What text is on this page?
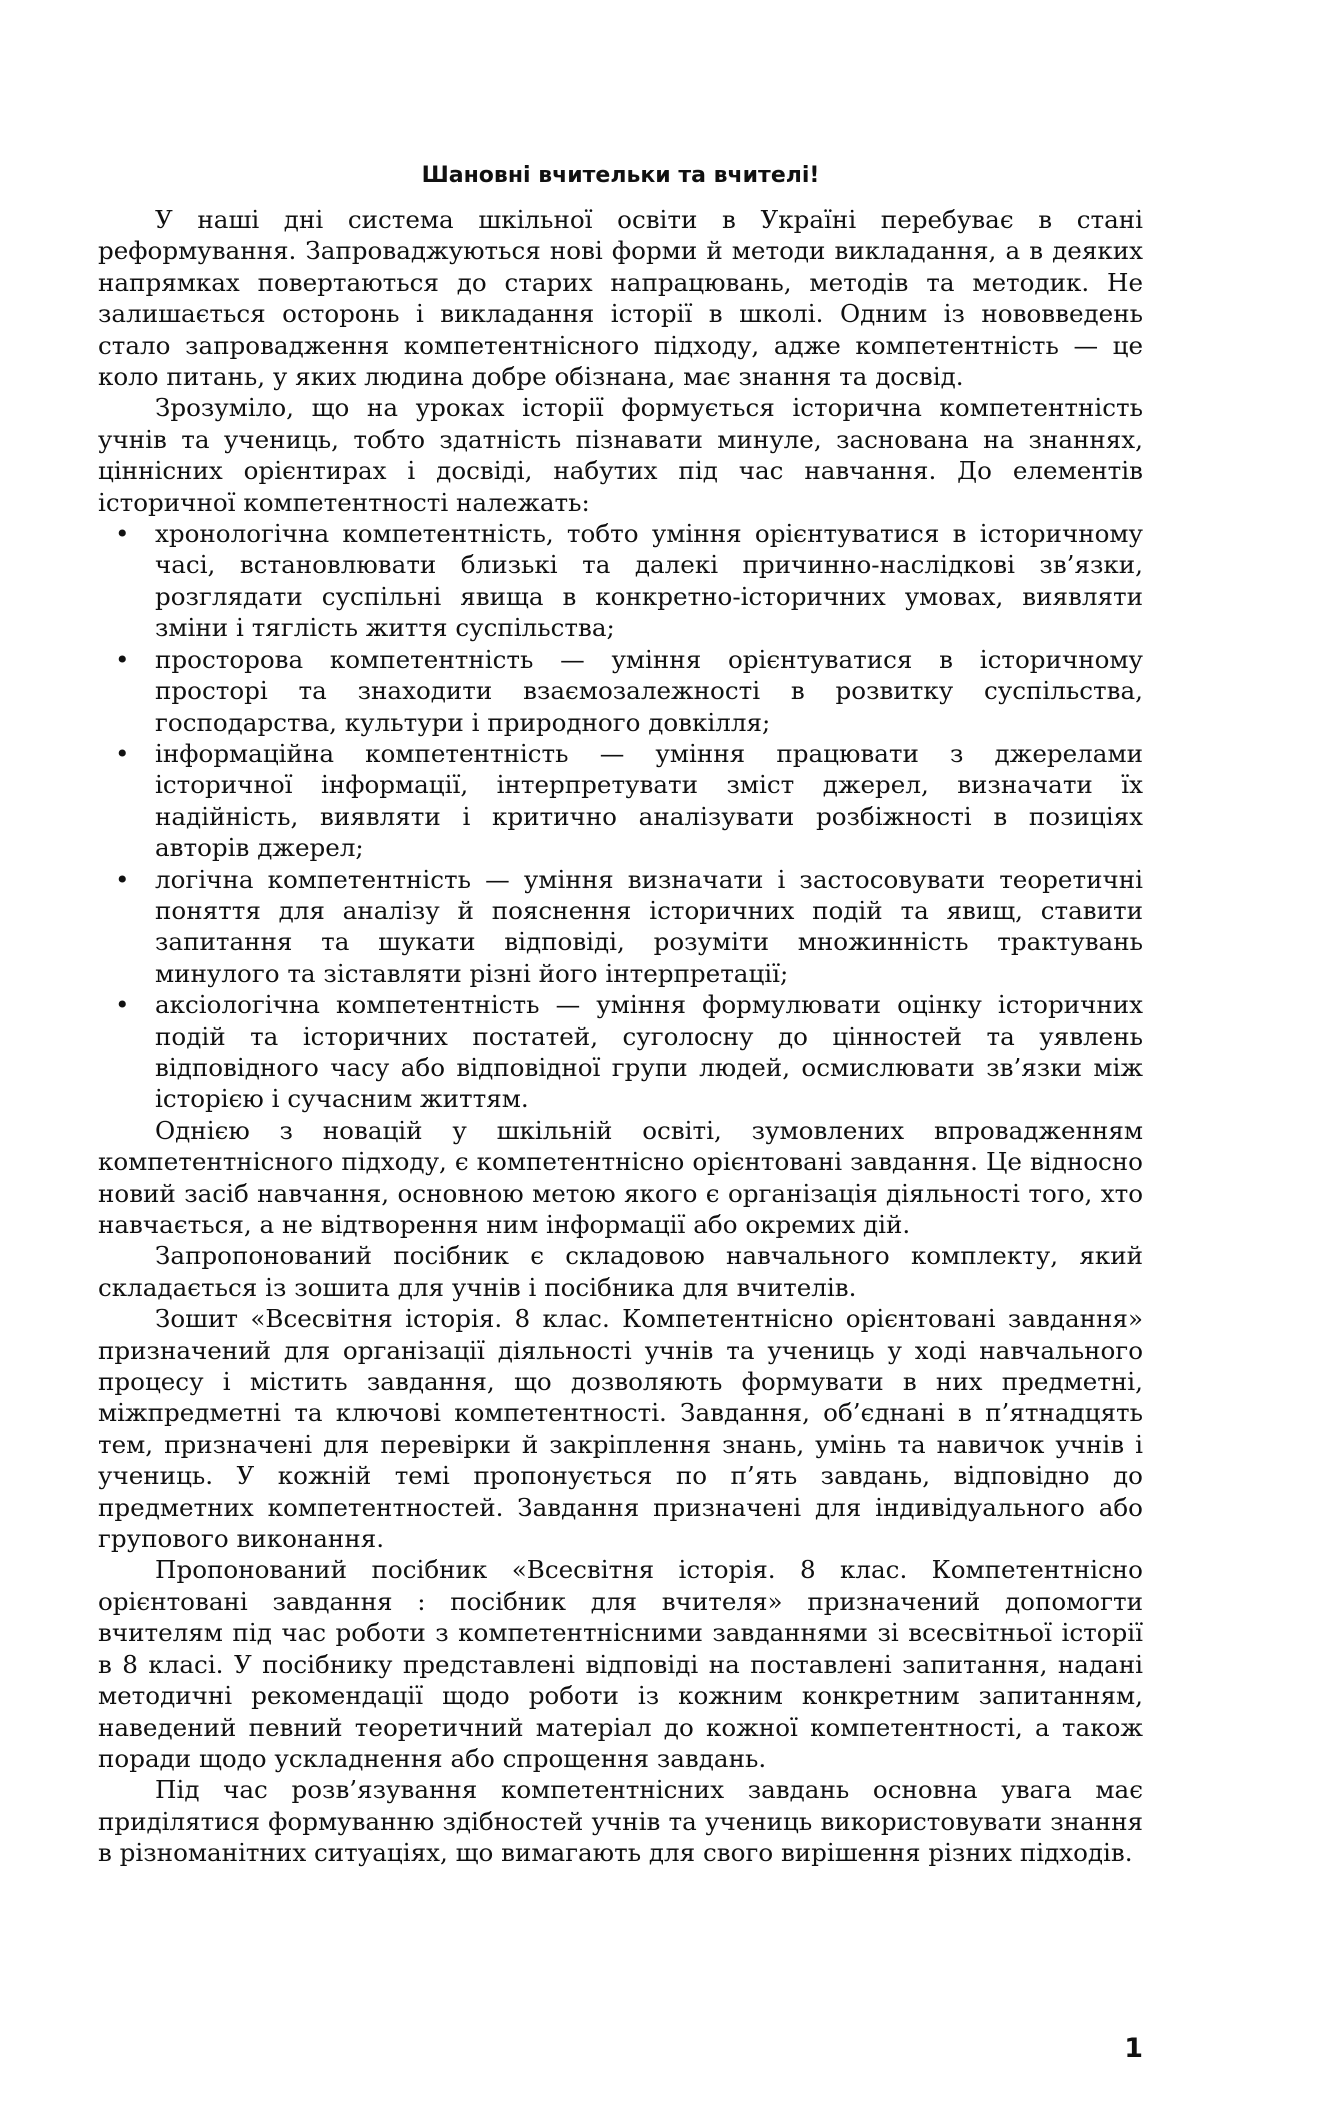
Шановні вчительки та вчителі!

У наші дні система шкільної освіти в Україні перебуває в стані реформування. Запроваджуються нові форми й методи викладання, а в деяких напрямках повертаються до старих напрацювань, методів та методик. Не залишається осторонь і викладання історії в школі. Одним із нововведень стало запровадження компетентнісного підходу, адже компетентність — це коло питань, у яких людина добре обізнана, має знання та досвід.

Зрозуміло, що на уроках історії формується історична компетентність учнів та учениць, тобто здатність пізнавати минуле, заснована на знаннях, ціннісних орієнтирах і досвіді, набутих під час навчання. До елементів історичної компетентності належать:

• хронологічна компетентність, тобто уміння орієнтуватися в історичному часі, встановлювати близькі та далекі причинно-наслідкові зв’язки, розглядати суспільні явища в конкретно-історичних умовах, виявляти зміни і тяглість життя суспільства;
• просторова компетентність — уміння орієнтуватися в історичному просторі та знаходити взаємозалежності в розвитку суспільства, господарства, культури і природного довкілля;
• інформаційна компетентність — уміння працювати з джерелами історичної інформації, інтерпретувати зміст джерел, визначати їх надійність, виявляти і критично аналізувати розбіжності в позиціях авторів джерел;
• логічна компетентність — уміння визначати і застосовувати теоретичні поняття для аналізу й пояснення історичних подій та явищ, ставити запитання та шукати відповіді, розуміти множинність трактувань минулого та зіставляти різні його інтерпретації;
• аксіологічна компетентність — уміння формулювати оцінку історичних подій та історичних постатей, суголосну до цінностей та уявлень відповідного часу або відповідної групи людей, осмислювати зв’язки між історією і сучасним життям.

Однією з новацій у шкільній освіті, зумовлених впровадженням компетентнісного підходу, є компетентнісно орієнтовані завдання. Це відносно новий засіб навчання, основною метою якого є організація діяльності того, хто навчається, а не відтворення ним інформації або окремих дій.

Запропонований посібник є складовою навчального комплекту, який складається із зошита для учнів і посібника для вчителів.

Зошит «Всесвітня історія. 8 клас. Компетентнісно орієнтовані завдання» призначений для організації діяльності учнів та учениць у ході навчального процесу і містить завдання, що дозволяють формувати в них предметні, міжпредметні та ключові компетентності. Завдання, об’єднані в п’ятнадцять тем, призначені для перевірки й закріплення знань, умінь та навичок учнів і учениць. У кожній темі пропонується по п’ять завдань, відповідно до предметних компетентностей. Завдання призначені для індивідуального або групового виконання.

Пропонований посібник «Всесвітня історія. 8 клас. Компетентнісно орієнтовані завдання : посібник для вчителя» призначений допомогти вчителям під час роботи з компетентнісними завданнями зі всесвітньої історії в 8 класі. У посібнику представлені відповіді на поставлені запитання, надані методичні рекомендації щодо роботи із кожним конкретним запитанням, наведений певний теоретичний матеріал до кожної компетентності, а також поради щодо ускладнення або спрощення завдань.

Під час розв’язування компетентнісних завдань основна увага має приділятися формуванню здібностей учнів та учениць використовувати знання в різноманітних ситуаціях, що вимагають для свого вирішення різних підходів.

1
